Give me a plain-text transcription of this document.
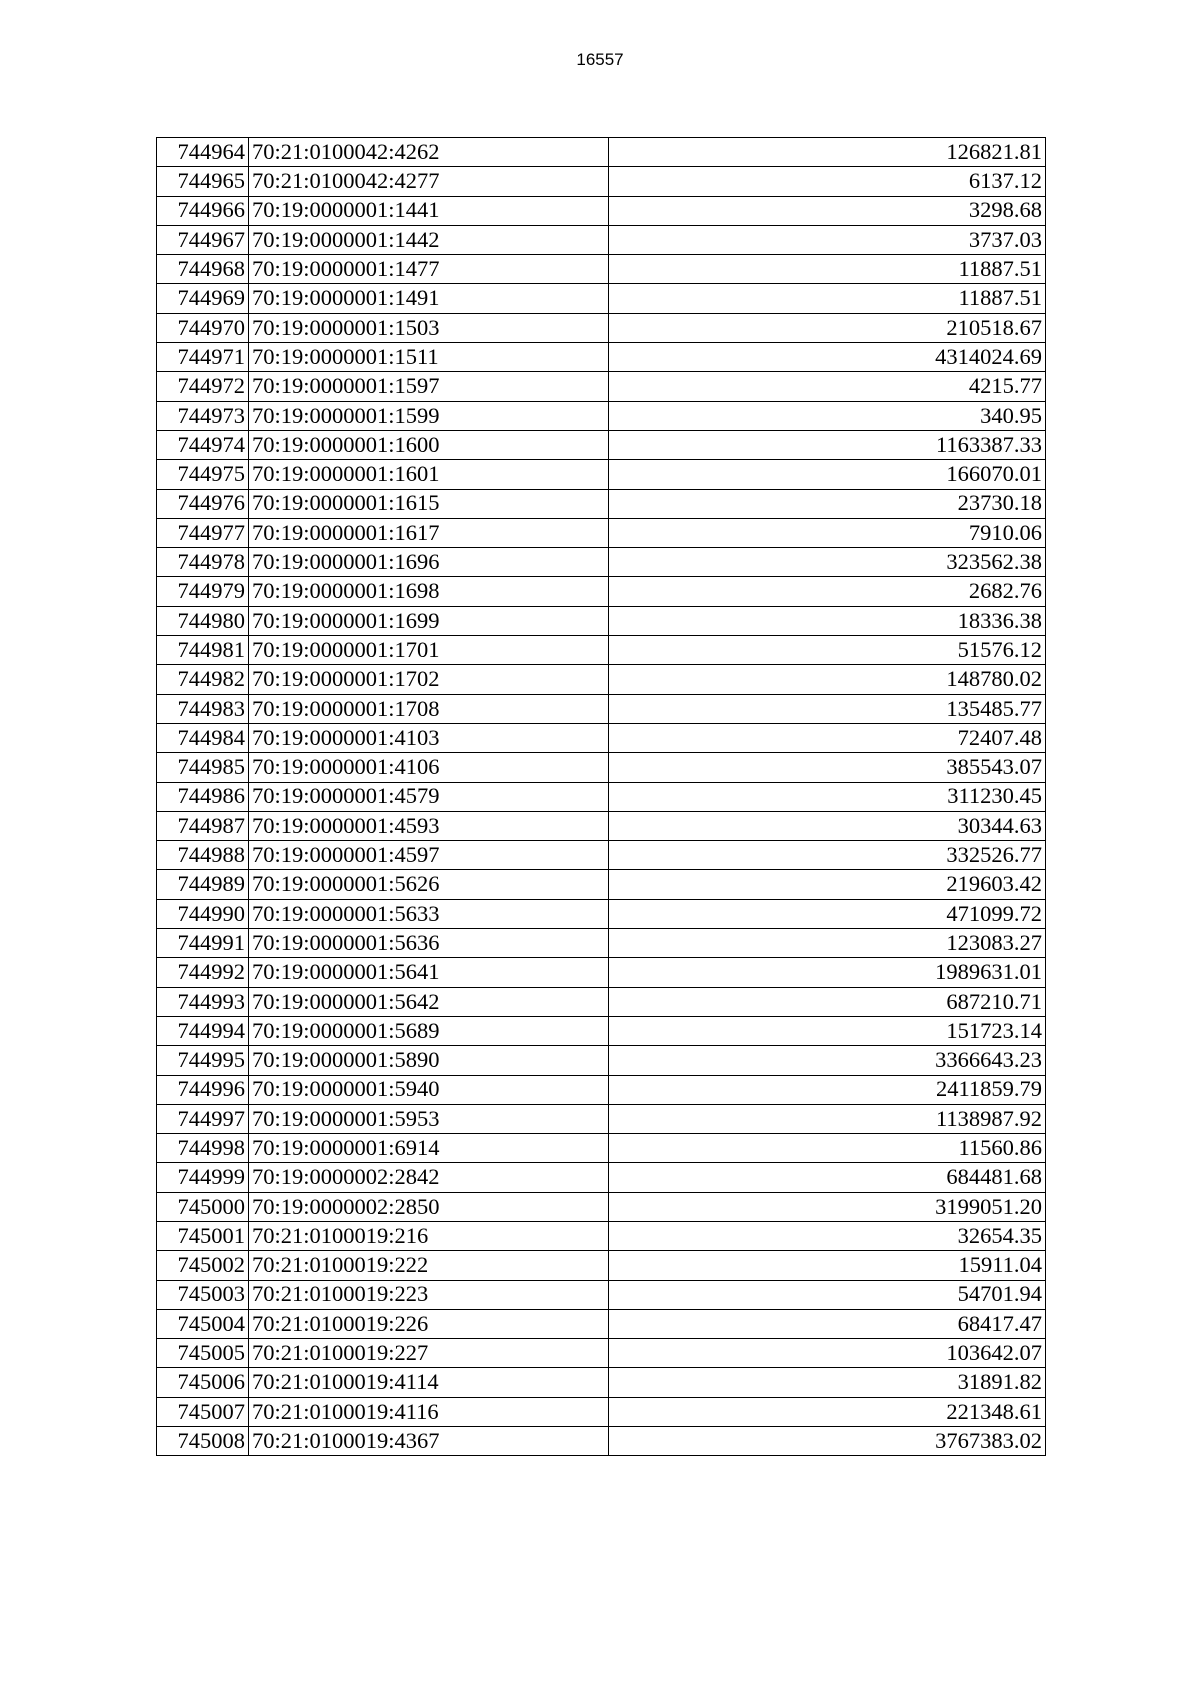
16557
744964	70:21:0100042:4262	126821.81
744965	70:21:0100042:4277	6137.12
744966	70:19:0000001:1441	3298.68
744967	70:19:0000001:1442	3737.03
744968	70:19:0000001:1477	11887.51
744969	70:19:0000001:1491	11887.51
744970	70:19:0000001:1503	210518.67
744971	70:19:0000001:1511	4314024.69
744972	70:19:0000001:1597	4215.77
744973	70:19:0000001:1599	340.95
744974	70:19:0000001:1600	1163387.33
744975	70:19:0000001:1601	166070.01
744976	70:19:0000001:1615	23730.18
744977	70:19:0000001:1617	7910.06
744978	70:19:0000001:1696	323562.38
744979	70:19:0000001:1698	2682.76
744980	70:19:0000001:1699	18336.38
744981	70:19:0000001:1701	51576.12
744982	70:19:0000001:1702	148780.02
744983	70:19:0000001:1708	135485.77
744984	70:19:0000001:4103	72407.48
744985	70:19:0000001:4106	385543.07
744986	70:19:0000001:4579	311230.45
744987	70:19:0000001:4593	30344.63
744988	70:19:0000001:4597	332526.77
744989	70:19:0000001:5626	219603.42
744990	70:19:0000001:5633	471099.72
744991	70:19:0000001:5636	123083.27
744992	70:19:0000001:5641	1989631.01
744993	70:19:0000001:5642	687210.71
744994	70:19:0000001:5689	151723.14
744995	70:19:0000001:5890	3366643.23
744996	70:19:0000001:5940	2411859.79
744997	70:19:0000001:5953	1138987.92
744998	70:19:0000001:6914	11560.86
744999	70:19:0000002:2842	684481.68
745000	70:19:0000002:2850	3199051.20
745001	70:21:0100019:216	32654.35
745002	70:21:0100019:222	15911.04
745003	70:21:0100019:223	54701.94
745004	70:21:0100019:226	68417.47
745005	70:21:0100019:227	103642.07
745006	70:21:0100019:4114	31891.82
745007	70:21:0100019:4116	221348.61
745008	70:21:0100019:4367	3767383.02
